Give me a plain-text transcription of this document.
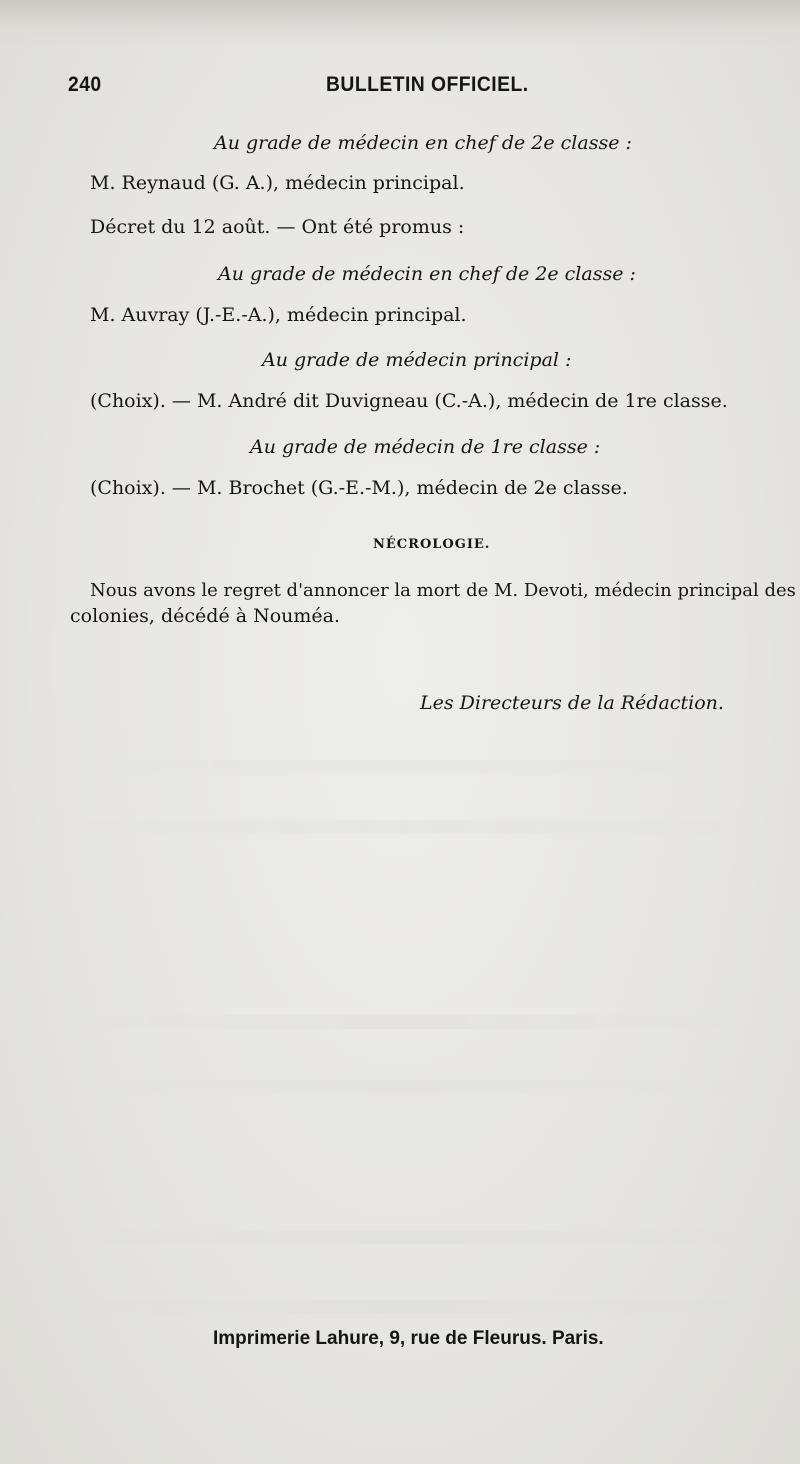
240	BULLETIN OFFICIEL.
Au grade de médecin en chef de 2e classe :
M. Reynaud (G. A.), médecin principal.
Décret du 12 août. — Ont été promus :
Au grade de médecin en chef de 2e classe :
M. Auvray (J.-E.-A.), médecin principal.
Au grade de médecin principal :
(Choix). — M. André dit Duvigneau (C.-A.), médecin de 1re classe.
Au grade de médecin de 1re classe :
(Choix). — M. Brochet (G.-E.-M.), médecin de 2e classe.
NÉCROLOGIE.
Nous avons le regret d'annoncer la mort de M. Devoti, médecin principal des
colonies, décédé à Nouméa.
Les Directeurs de la Rédaction.
Imprimerie Lahure, 9, rue de Fleurus. Paris.
